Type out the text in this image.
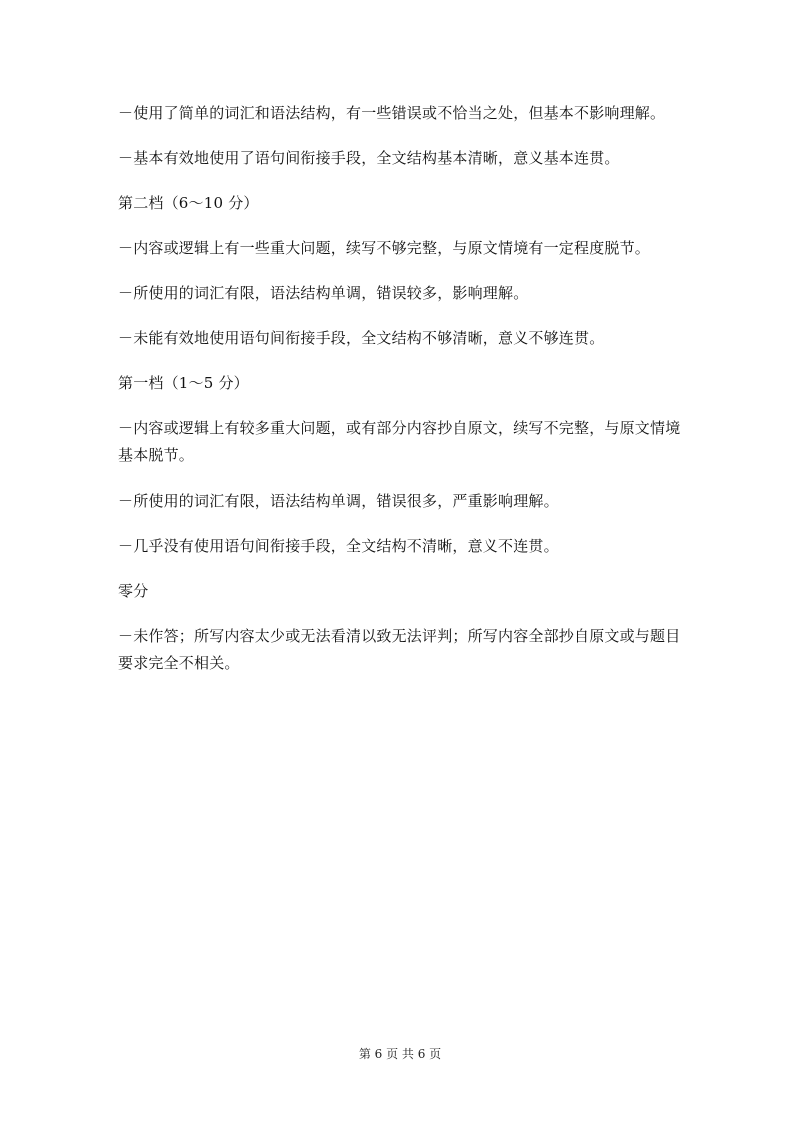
－使用了简单的词汇和语法结构，有一些错误或不恰当之处，但基本不影响理解。
－基本有效地使用了语句间衔接手段，全文结构基本清晰，意义基本连贯。
第二档（6～10 分）
－内容或逻辑上有一些重大问题，续写不够完整，与原文情境有一定程度脱节。
－所使用的词汇有限，语法结构单调，错误较多，影响理解。
－未能有效地使用语句间衔接手段，全文结构不够清晰，意义不够连贯。
第一档（1～5 分）
－内容或逻辑上有较多重大问题，或有部分内容抄自原文，续写不完整，与原文情境基本脱节。
－所使用的词汇有限，语法结构单调，错误很多，严重影响理解。
－几乎没有使用语句间衔接手段，全文结构不清晰，意义不连贯。
零分
－未作答；所写内容太少或无法看清以致无法评判；所写内容全部抄自原文或与题目要求完全不相关。
第 6 页 共 6 页
